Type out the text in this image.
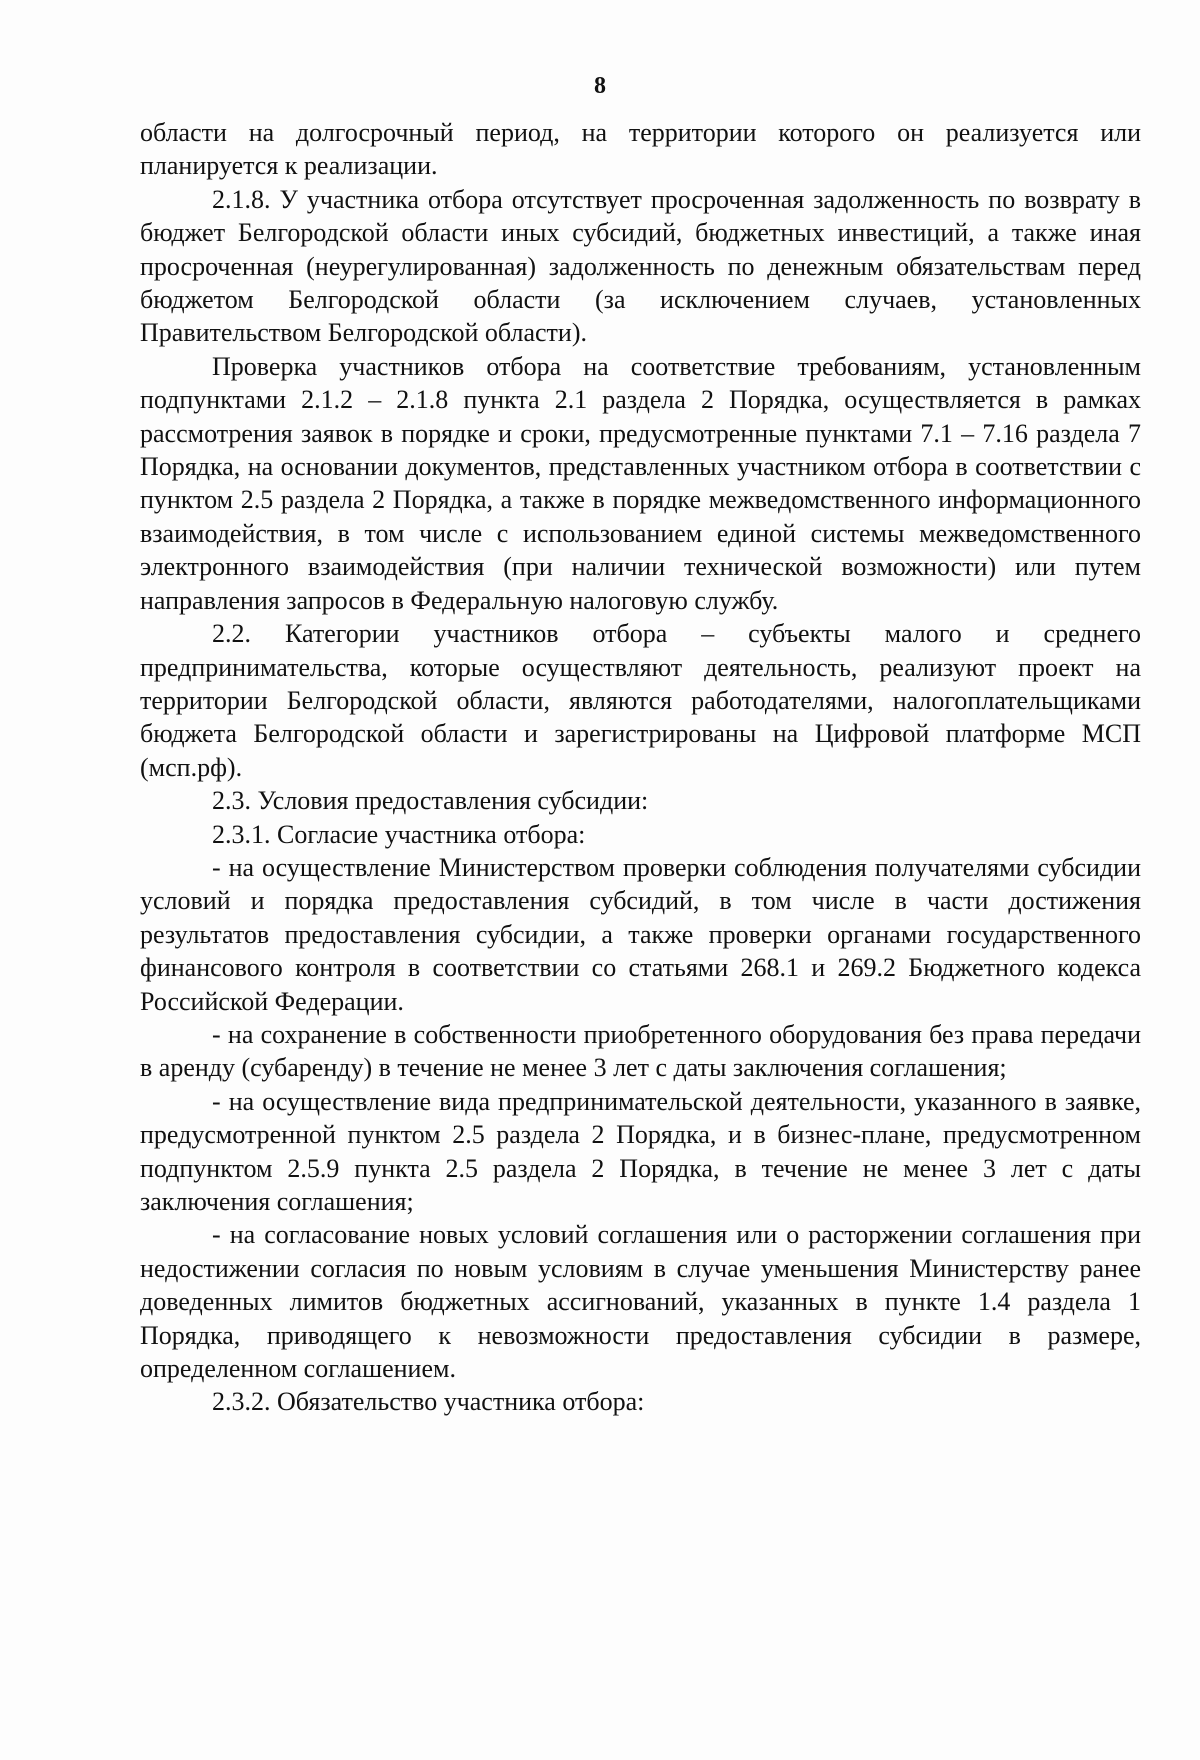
8

области на долгосрочный период, на территории которого он реализуется или планируется к реализации.

2.1.8. У участника отбора отсутствует просроченная задолженность по возврату в бюджет Белгородской области иных субсидий, бюджетных инвестиций, а также иная просроченная (неурегулированная) задолженность по денежным обязательствам перед бюджетом Белгородской области (за исключением случаев, установленных Правительством Белгородской области).

Проверка участников отбора на соответствие требованиям, установленным подпунктами 2.1.2 – 2.1.8 пункта 2.1 раздела 2 Порядка, осуществляется в рамках рассмотрения заявок в порядке и сроки, предусмотренные пунктами 7.1 – 7.16 раздела 7 Порядка, на основании документов, представленных участником отбора в соответствии с пунктом 2.5 раздела 2 Порядка, а также в порядке межведомственного информационного взаимодействия, в том числе с использованием единой системы межведомственного электронного взаимодействия (при наличии технической возможности) или путем направления запросов в Федеральную налоговую службу.

2.2. Категории участников отбора – субъекты малого и среднего предпринимательства, которые осуществляют деятельность, реализуют проект на территории Белгородской области, являются работодателями, налогоплательщиками бюджета Белгородской области и зарегистрированы на Цифровой платформе МСП (мсп.рф).

2.3. Условия предоставления субсидии:

2.3.1. Согласие участника отбора:

- на осуществление Министерством проверки соблюдения получателями субсидии условий и порядка предоставления субсидий, в том числе в части достижения результатов предоставления субсидии, а также проверки органами государственного финансового контроля в соответствии со статьями 268.1 и 269.2 Бюджетного кодекса Российской Федерации.

- на сохранение в собственности приобретенного оборудования без права передачи в аренду (субаренду) в течение не менее 3 лет с даты заключения соглашения;

- на осуществление вида предпринимательской деятельности, указанного в заявке, предусмотренной пунктом 2.5 раздела 2 Порядка, и в бизнес-плане, предусмотренном подпунктом 2.5.9 пункта 2.5 раздела 2 Порядка, в течение не менее 3 лет с даты заключения соглашения;

- на согласование новых условий соглашения или о расторжении соглашения при недостижении согласия по новым условиям в случае уменьшения Министерству ранее доведенных лимитов бюджетных ассигнований, указанных в пункте 1.4 раздела 1 Порядка, приводящего к невозможности предоставления субсидии в размере, определенном соглашением.

2.3.2. Обязательство участника отбора:
